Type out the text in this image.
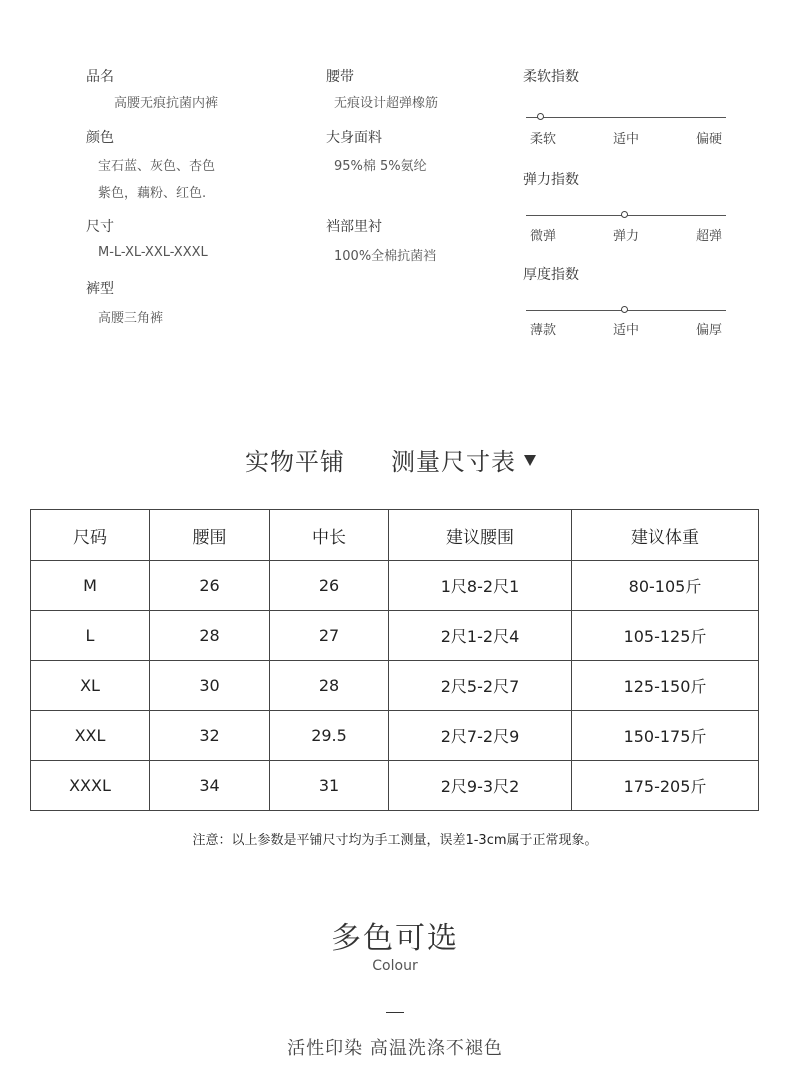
品名
高腰无痕抗菌内裤
颜色
宝石蓝、灰色、杏色
紫色，藕粉、红色.
尺寸
M-L-XL-XXL-XXXL
裤型
高腰三角裤
腰带
无痕设计超弹橡筋
大身面料
95%棉 5%氨纶
裆部里衬
100%全棉抗菌裆
柔软指数
柔软	适中	偏硬
弹力指数
微弹	弹力	超弹
厚度指数
薄款	适中	偏厚
实物平铺 测量尺寸表
尺码	腰围	中长	建议腰围	建议体重
M	26	26	1尺8-2尺1	80-105斤
L	28	27	2尺1-2尺4	105-125斤
XL	30	28	2尺5-2尺7	125-150斤
XXL	32	29.5	2尺7-2尺9	150-175斤
XXXL	34	31	2尺9-3尺2	175-205斤
注意：以上参数是平铺尺寸均为手工测量，误差1-3cm属于正常现象。
多色可选
Colour
活性印染 高温洗涤不褪色
